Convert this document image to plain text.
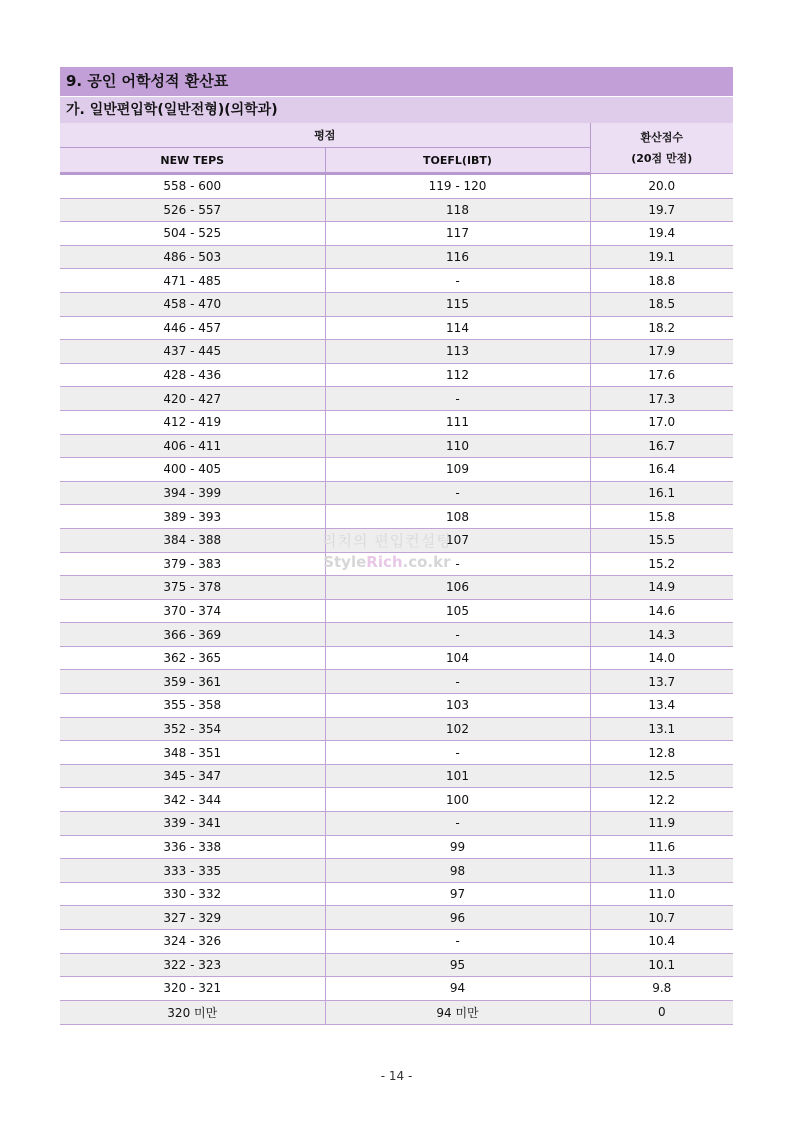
9. 공인 어학성적 환산표
가. 일반편입학(일반전형)(의학과)
평점		환산점수
(20점 만점)
NEW TEPS	TOEFL(IBT)	
558 - 600	119 - 120	20.0
526 - 557	118	19.7
504 - 525	117	19.4
486 - 503	116	19.1
471 - 485	-	18.8
458 - 470	115	18.5
446 - 457	114	18.2
437 - 445	113	17.9
428 - 436	112	17.6
420 - 427	-	17.3
412 - 419	111	17.0
406 - 411	110	16.7
400 - 405	109	16.4
394 - 399	-	16.1
389 - 393	108	15.8
384 - 388	107	15.5
379 - 383	-	15.2
375 - 378	106	14.9
370 - 374	105	14.6
366 - 369	-	14.3
362 - 365	104	14.0
359 - 361	-	13.7
355 - 358	103	13.4
352 - 354	102	13.1
348 - 351	-	12.8
345 - 347	101	12.5
342 - 344	100	12.2
339 - 341	-	11.9
336 - 338	99	11.6
333 - 335	98	11.3
330 - 332	97	11.0
327 - 329	96	10.7
324 - 326	-	10.4
322 - 323	95	10.1
320 - 321	94	9.8
320 미만	94 미만	0
리치의 편입컨설팅
StyleRich.co.kr
- 14 -
